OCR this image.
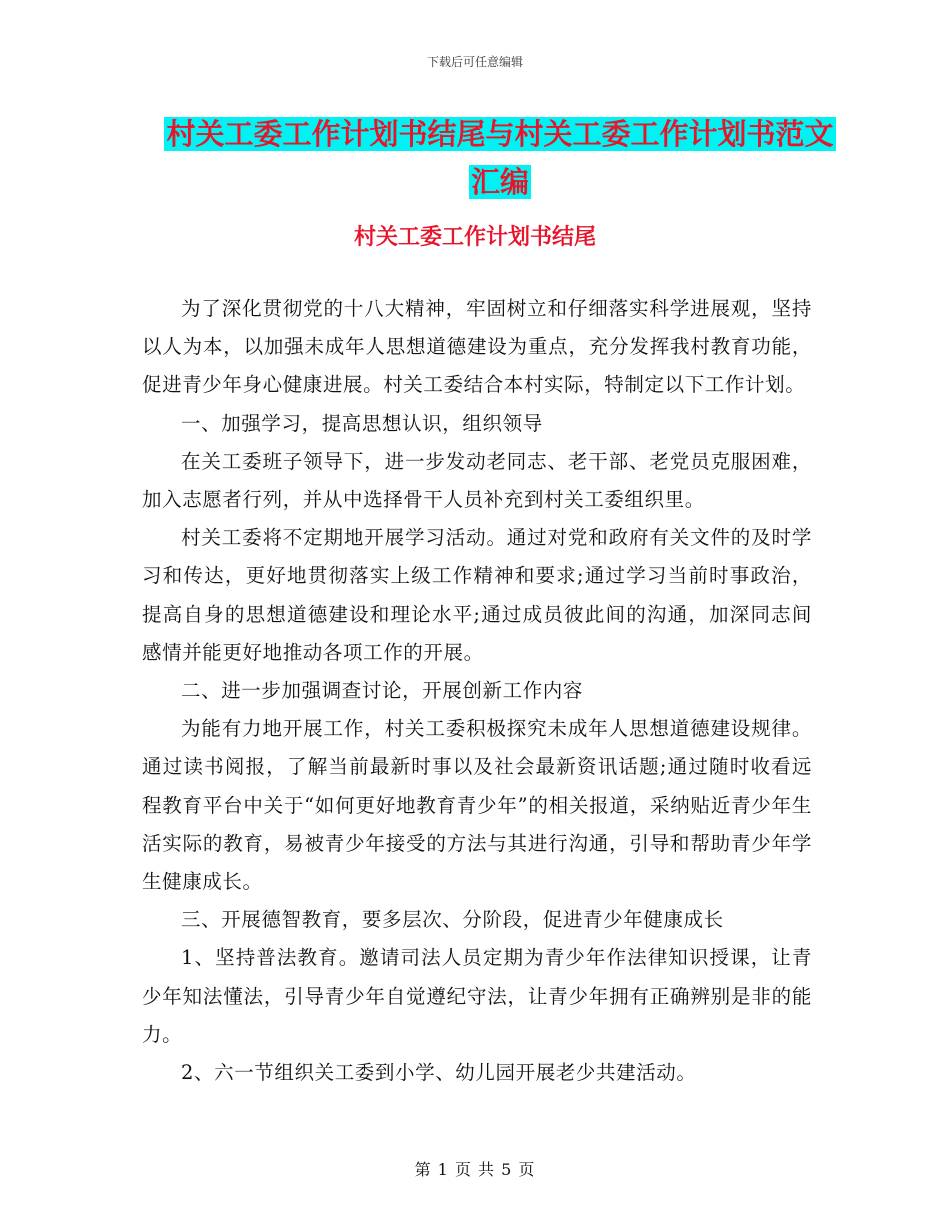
下载后可任意编辑
村关工委工作计划书结尾与村关工委工作计划书范文
汇编
村关工委工作计划书结尾

为了深化贯彻党的十八大精神，牢固树立和仔细落实科学进展观，坚持以人为本，以加强未成年人思想道德建设为重点，充分发挥我村教育功能，促进青少年身心健康进展。村关工委结合本村实际，特制定以下工作计划。

一、加强学习，提高思想认识，组织领导

在关工委班子领导下，进一步发动老同志、老干部、老党员克服困难，加入志愿者行列，并从中选择骨干人员补充到村关工委组织里。

村关工委将不定期地开展学习活动。通过对党和政府有关文件的及时学习和传达，更好地贯彻落实上级工作精神和要求;通过学习当前时事政治，提高自身的思想道德建设和理论水平;通过成员彼此间的沟通，加深同志间感情并能更好地推动各项工作的开展。

二、进一步加强调查讨论，开展创新工作内容

为能有力地开展工作，村关工委积极探究未成年人思想道德建设规律。通过读书阅报，了解当前最新时事以及社会最新资讯话题;通过随时收看远程教育平台中关于“如何更好地教育青少年”的相关报道，采纳贴近青少年生活实际的教育，易被青少年接受的方法与其进行沟通，引导和帮助青少年学生健康成长。

三、开展德智教育，要多层次、分阶段，促进青少年健康成长

1、坚持普法教育。邀请司法人员定期为青少年作法律知识授课，让青少年知法懂法，引导青少年自觉遵纪守法，让青少年拥有正确辨别是非的能力。

2、六一节组织关工委到小学、幼儿园开展老少共建活动。

第 1 页 共 5 页
